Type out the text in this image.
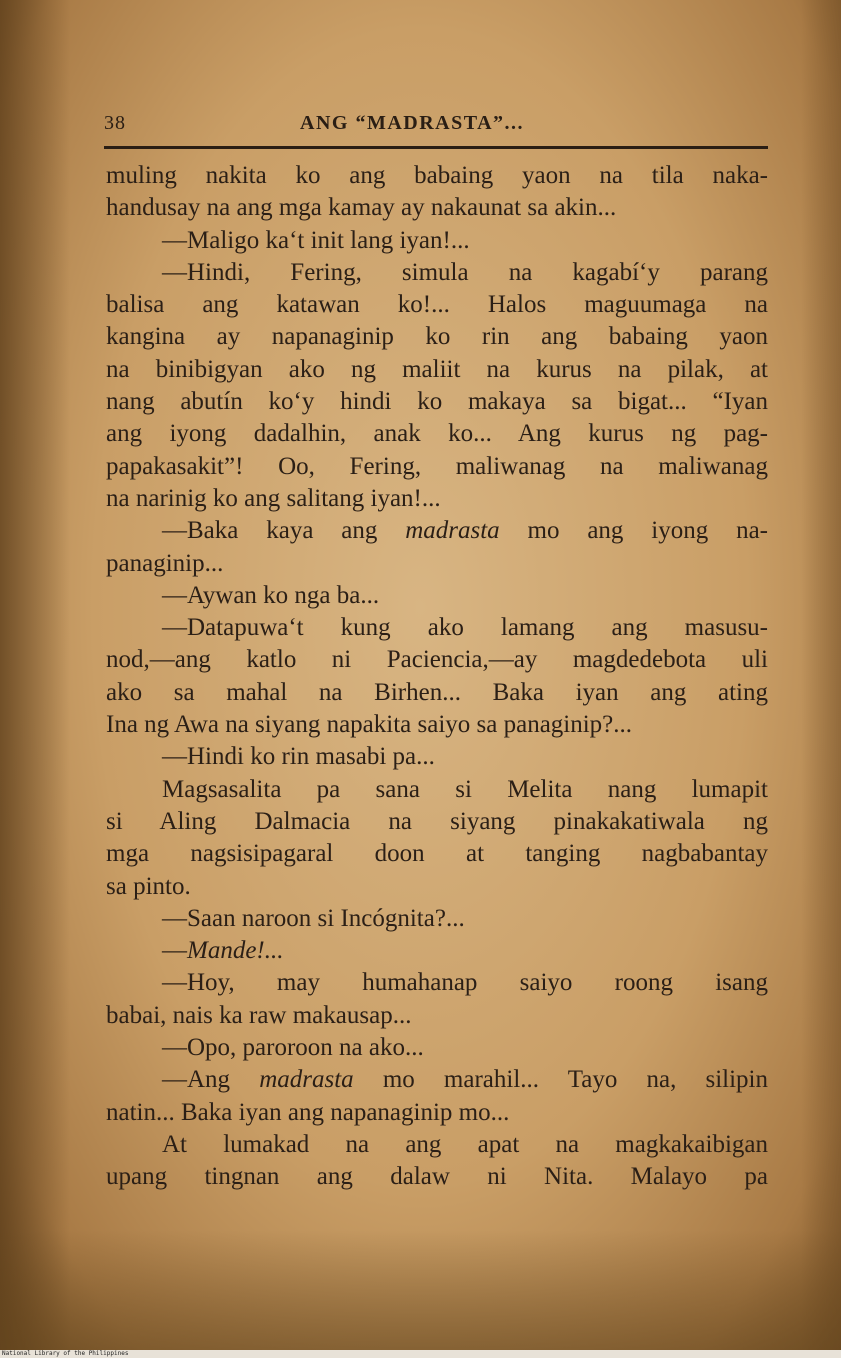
38	ANG “MADRASTA”...
muling nakita ko ang babaing yaon na tila naka-
handusay na ang mga kamay ay nakaunat sa akin...
—Maligo ka‘t init lang iyan!...
—Hindi, Fering, simula na kagabí‘y parang
balisa ang katawan ko!... Halos maguumaga na
kangina ay napanaginip ko rin ang babaing yaon
na binibigyan ako ng maliit na kurus na pilak, at
nang abutín ko‘y hindi ko makaya sa bigat... “Iyan
ang iyong dadalhin, anak ko... Ang kurus ng pag-
papakasakit”! Oo, Fering, maliwanag na maliwanag
na narinig ko ang salitang iyan!...
—Baka kaya ang madrasta mo ang iyong na-
panaginip...
—Aywan ko nga ba...
—Datapuwa‘t kung ako lamang ang masusu-
nod,—ang katlo ni Paciencia,—ay magdedebota uli
ako sa mahal na Birhen... Baka iyan ang ating
Ina ng Awa na siyang napakita saiyo sa panaginip?...
—Hindi ko rin masabi pa...
Magsasalita pa sana si Melita nang lumapit
si Aling Dalmacia na siyang pinakakatiwala ng
mga nagsisipagaral doon at tanging nagbabantay
sa pinto.
—Saan naroon si Incógnita?...
—Mande!...
—Hoy, may humahanap saiyo roong isang
babai, nais ka raw makausap...
—Opo, paroroon na ako...
—Ang madrasta mo marahil... Tayo na, silipin
natin... Baka iyan ang napanaginip mo...
At lumakad na ang apat na magkakaibigan
upang tingnan ang dalaw ni Nita. Malayo pa
National Library of the Philippines
